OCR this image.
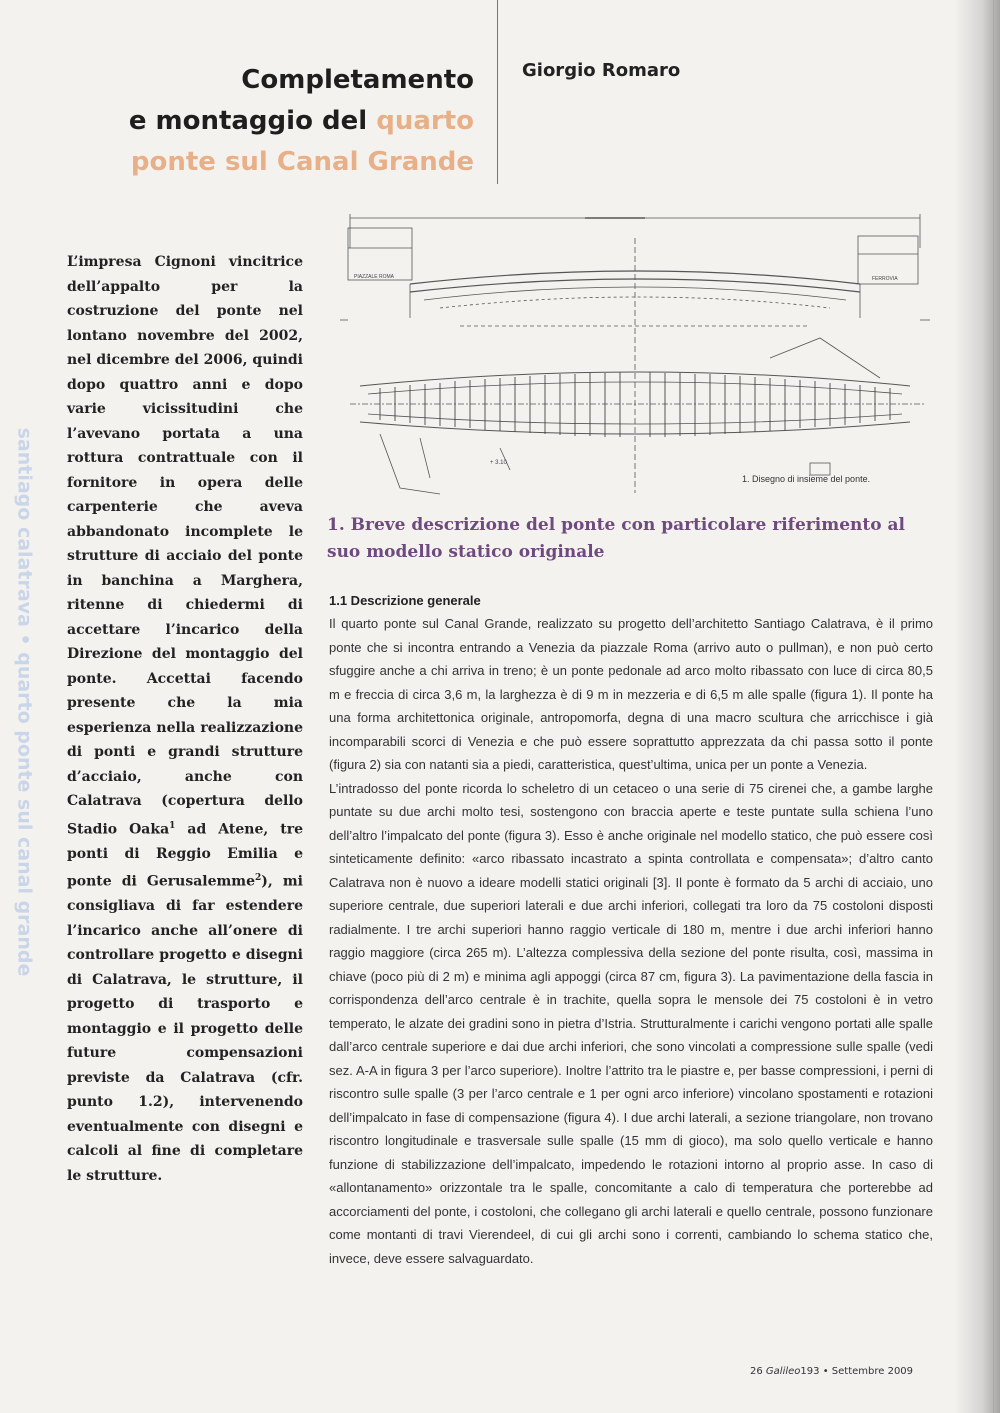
Completamento
e montaggio del quarto
ponte sul Canal Grande
Giorgio Romaro
santiago calatrava • quarto ponte sul canal grande

L’impresa Cignoni vincitrice dell’appalto per la costruzione del ponte nel lontano novembre del 2002, nel dicembre del 2006, quindi dopo quattro anni e dopo varie vicissitudini che l’avevano portata a una rottura contrattuale con il fornitore in opera delle carpenterie che aveva abbandonato incomplete le strutture di acciaio del ponte in banchina a Marghera, ritenne di chiedermi di accettare l’incarico della Direzione del montaggio del ponte. Accettai facendo presente che la mia esperienza nella realizzazione di ponti e grandi strutture d’acciaio, anche con Calatrava (copertura dello Stadio Oaka$^1$ ad Atene, tre ponti di Reggio Emilia e ponte di Gerusalemme$^2$), mi consigliava di far estendere l’incarico anche all’onere di controllare progetto e disegni di Calatrava, le strutture, il progetto di trasporto e montaggio e il progetto delle future compensazioni previste da Calatrava (cfr. punto 1.2), intervenendo eventualmente con disegni e calcoli al fine di completare le strutture.

PIAZZALE ROMA	FERROVIA
+ 3.10
1. Disegno di insieme del ponte.
1. Breve descrizione del ponte con particolare riferimento al suo modello statico originale
1.1 Descrizione generale

Il quarto ponte sul Canal Grande, realizzato su progetto dell’architetto Santiago Calatrava, è il primo ponte che si incontra entrando a Venezia da piazzale Roma (arrivo auto o pullman), e non può certo sfuggire anche a chi arriva in treno; è un ponte pedonale ad arco molto ribassato con luce di circa 80,5 m e freccia di circa 3,6 m, la larghezza è di 9 m in mezzeria e di 6,5 m alle spalle (figura 1). Il ponte ha una forma architettonica originale, antropomorfa, degna di una macro scultura che arricchisce i già incomparabili scorci di Venezia e che può essere soprattutto apprezzata da chi passa sotto il ponte (figura 2) sia con natanti sia a piedi, caratteristica, quest’ultima, unica per un ponte a Venezia.

L’intradosso del ponte ricorda lo scheletro di un cetaceo o una serie di 75 cirenei che, a gambe larghe puntate su due archi molto tesi, sostengono con braccia aperte e teste puntate sulla schiena l’uno dell’altro l’impalcato del ponte (figura 3). Esso è anche originale nel modello statico, che può essere così sinteticamente definito: «arco ribassato incastrato a spinta controllata e compensata»; d’altro canto Calatrava non è nuovo a ideare modelli statici originali [3]. Il ponte è formato da 5 archi di acciaio, uno superiore centrale, due superiori laterali e due archi inferiori, collegati tra loro da 75 costoloni disposti radialmente. I tre archi superiori hanno raggio verticale di 180 m, mentre i due archi inferiori hanno raggio maggiore (circa 265 m). L’altezza complessiva della sezione del ponte risulta, così, massima in chiave (poco più di 2 m) e minima agli appoggi (circa 87 cm, figura 3). La pavimentazione della fascia in corrispondenza dell’arco centrale è in trachite, quella sopra le mensole dei 75 costoloni è in vetro temperato, le alzate dei gradini sono in pietra d’Istria. Strutturalmente i carichi vengono portati alle spalle dall’arco centrale superiore e dai due archi inferiori, che sono vincolati a compressione sulle spalle (vedi sez. A-A in figura 3 per l’arco superiore). Inoltre l’attrito tra le piastre e, per basse compressioni, i perni di riscontro sulle spalle (3 per l’arco centrale e 1 per ogni arco inferiore) vincolano spostamenti e rotazioni dell’impalcato in fase di compensazione (figura 4). I due archi laterali, a sezione triangolare, non trovano riscontro longitudinale e trasversale sulle spalle (15 mm di gioco), ma solo quello verticale e hanno funzione di stabilizzazione dell’impalcato, impedendo le rotazioni intorno al proprio asse. In caso di «allontanamento» orizzontale tra le spalle, concomitante a calo di temperatura che porterebbe ad accorciamenti del ponte, i costoloni, che collegano gli archi laterali e quello centrale, possono funzionare come montanti di travi Vierendeel, di cui gli archi sono i correnti, cambiando lo schema statico che, invece, deve essere salvaguardato.

26 Galileo193 • Settembre 2009
